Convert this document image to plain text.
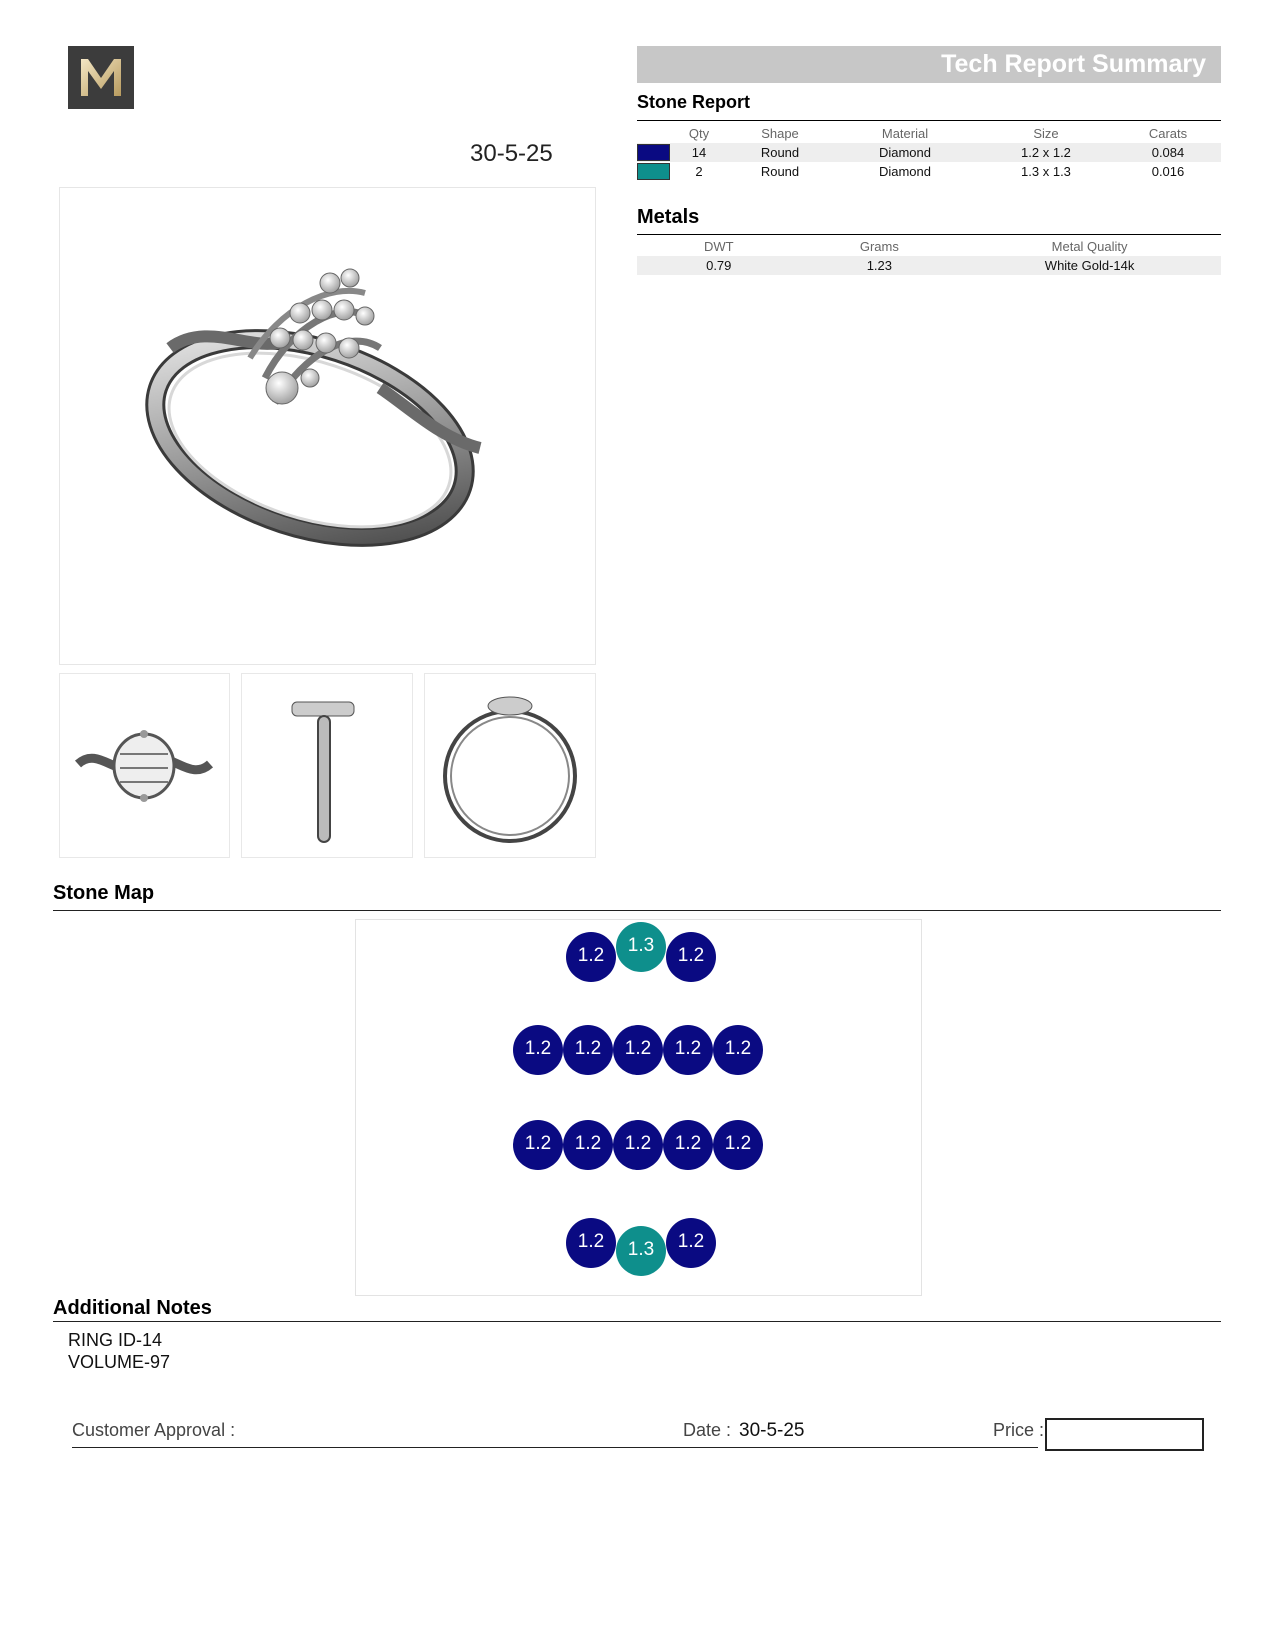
30-5-25
Tech Report Summary
Stone Report
	Qty	Shape	Material	Size	Carats
	14	Round	Diamond	1.2 x 1.2	0.084
	2	Round	Diamond	1.3 x 1.3	0.016
Metals
DWT	Grams	Metal Quality
0.79	1.23	White Gold-14k
Stone Map
1.2	1.3	1.2
1.2	1.2	1.2	1.2	1.2
1.2	1.2	1.2	1.2	1.2
1.2	1.3	1.2
Additional Notes
RING ID-14
VOLUME-97
Customer Approval :	Date : 30-5-25	Price :
